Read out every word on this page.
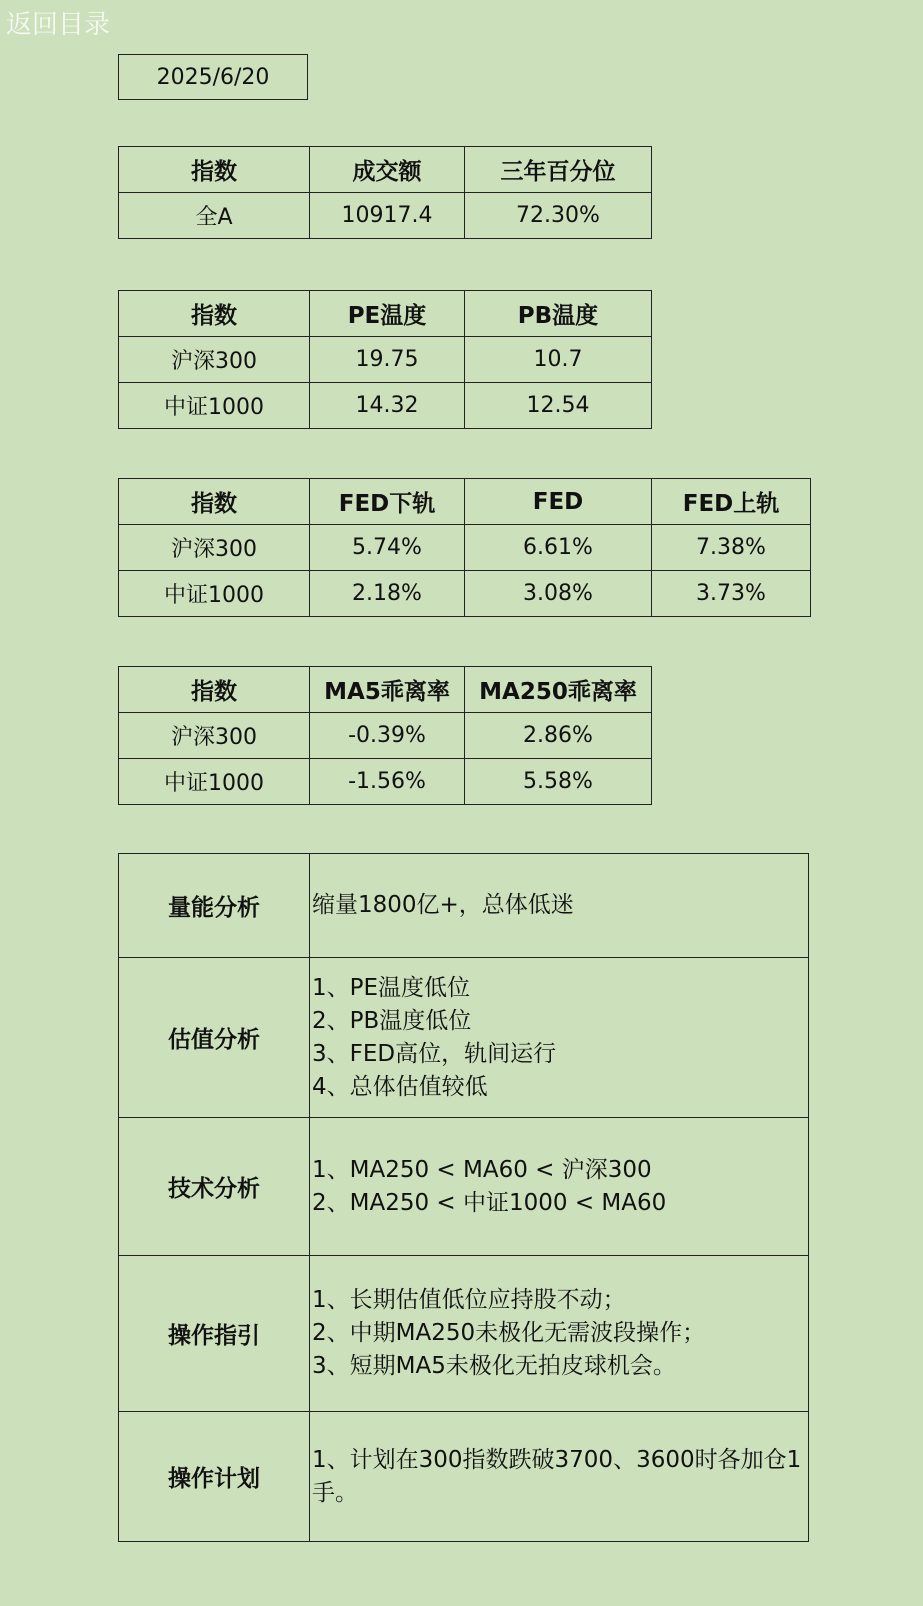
返回目录
2025/6/20
指数	成交额	三年百分位
全A	10917.4	72.30%
指数	PE温度	PB温度
沪深300	19.75	10.7
中证1000	14.32	12.54
指数	FED下轨	FED	FED上轨
沪深300	5.74%	6.61%	7.38%
中证1000	2.18%	3.08%	3.73%
指数	MA5乖离率	MA250乖离率
沪深300	-0.39%	2.86%
中证1000	-1.56%	5.58%
量能分析	缩量1800亿+，总体低迷

估值分析	1、PE温度低位
2、PB温度低位
3、FED高位，轨间运行
4、总体估值较低

技术分析	1、MA250 < MA60 < 沪深300
2、MA250 < 中证1000 < MA60

操作指引	1、长期估值低位应持股不动；
2、中期MA250未极化无需波段操作；
3、短期MA5未极化无拍皮球机会。

操作计划	1、计划在300指数跌破3700、3600时各加仓1手。
